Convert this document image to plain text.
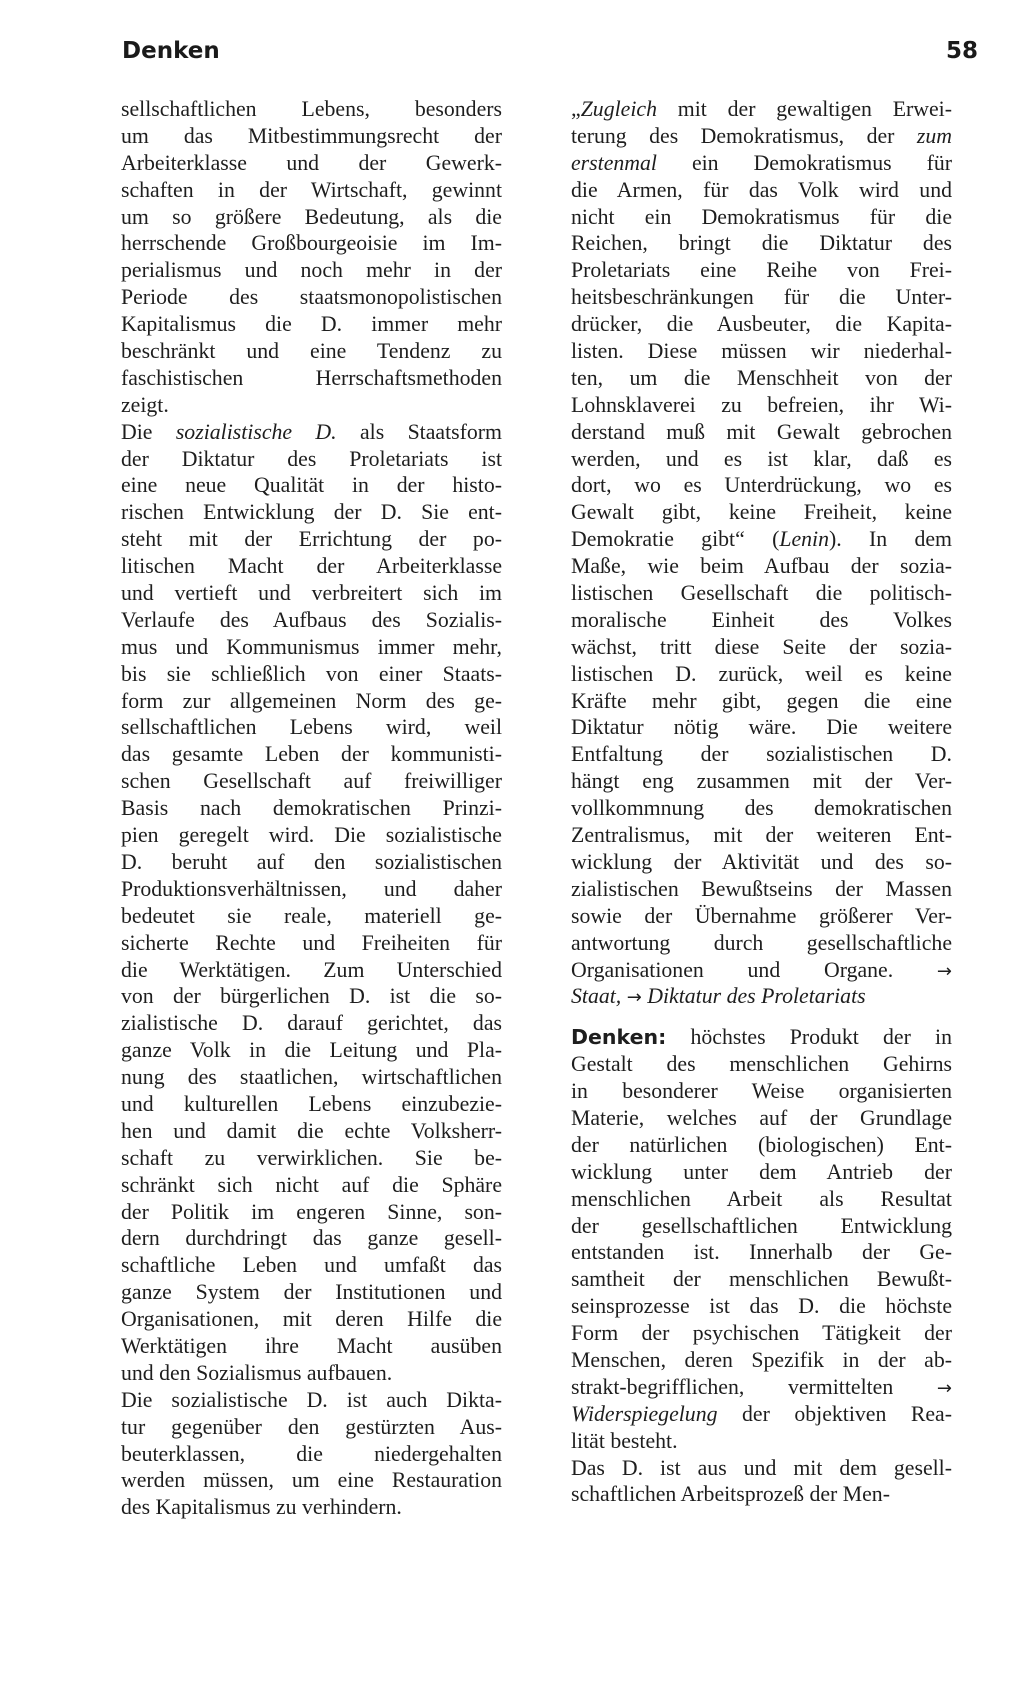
Denken	58
sellschaftlichen Lebens, besonders
um das Mitbestimmungsrecht der
Arbeiterklasse und der Gewerk-
schaften in der Wirtschaft, gewinnt
um so größere Bedeutung, als die
herrschende Großbourgeoisie im Im-
perialismus und noch mehr in der
Periode des staatsmonopolistischen
Kapitalismus die D. immer mehr
beschränkt und eine Tendenz zu
faschistischen Herrschaftsmethoden
zeigt.
Die sozialistische D. als Staatsform
der Diktatur des Proletariats ist
eine neue Qualität in der histo-
rischen Entwicklung der D. Sie ent-
steht mit der Errichtung der po-
litischen Macht der Arbeiterklasse
und vertieft und verbreitert sich im
Verlaufe des Aufbaus des Sozialis-
mus und Kommunismus immer mehr,
bis sie schließlich von einer Staats-
form zur allgemeinen Norm des ge-
sellschaftlichen Lebens wird, weil
das gesamte Leben der kommunisti-
schen Gesellschaft auf freiwilliger
Basis nach demokratischen Prinzi-
pien geregelt wird. Die sozialistische
D. beruht auf den sozialistischen
Produktionsverhältnissen, und daher
bedeutet sie reale, materiell ge-
sicherte Rechte und Freiheiten für
die Werktätigen. Zum Unterschied
von der bürgerlichen D. ist die so-
zialistische D. darauf gerichtet, das
ganze Volk in die Leitung und Pla-
nung des staatlichen, wirtschaftlichen
und kulturellen Lebens einzubezie-
hen und damit die echte Volksherr-
schaft zu verwirklichen. Sie be-
schränkt sich nicht auf die Sphäre
der Politik im engeren Sinne, son-
dern durchdringt das ganze gesell-
schaftliche Leben und umfaßt das
ganze System der Institutionen und
Organisationen, mit deren Hilfe die
Werktätigen ihre Macht ausüben
und den Sozialismus aufbauen.
Die sozialistische D. ist auch Dikta-
tur gegenüber den gestürzten Aus-
beuterklassen, die niedergehalten
werden müssen, um eine Restauration
des Kapitalismus zu verhindern.
„Zugleich mit der gewaltigen Erwei-
terung des Demokratismus, der zum
erstenmal ein Demokratismus für
die Armen, für das Volk wird und
nicht ein Demokratismus für die
Reichen, bringt die Diktatur des
Proletariats eine Reihe von Frei-
heitsbeschränkungen für die Unter-
drücker, die Ausbeuter, die Kapita-
listen. Diese müssen wir niederhal-
ten, um die Menschheit von der
Lohnsklaverei zu befreien, ihr Wi-
derstand muß mit Gewalt gebrochen
werden, und es ist klar, daß es
dort, wo es Unterdrückung, wo es
Gewalt gibt, keine Freiheit, keine
Demokratie gibt“ (Lenin). In dem
Maße, wie beim Aufbau der sozia-
listischen Gesellschaft die politisch-
moralische Einheit des Volkes
wächst, tritt diese Seite der sozia-
listischen D. zurück, weil es keine
Kräfte mehr gibt, gegen die eine
Diktatur nötig wäre. Die weitere
Entfaltung der sozialistischen D.
hängt eng zusammen mit der Ver-
vollkommnung des demokratischen
Zentralismus, mit der weiteren Ent-
wicklung der Aktivität und des so-
zialistischen Bewußtseins der Massen
sowie der Übernahme größerer Ver-
antwortung durch gesellschaftliche
Organisationen und Organe. →
Staat, → Diktatur des Proletariats
Denken: höchstes Produkt der in
Gestalt des menschlichen Gehirns
in besonderer Weise organisierten
Materie, welches auf der Grundlage
der natürlichen (biologischen) Ent-
wicklung unter dem Antrieb der
menschlichen Arbeit als Resultat
der gesellschaftlichen Entwicklung
entstanden ist. Innerhalb der Ge-
samtheit der menschlichen Bewußt-
seinsprozesse ist das D. die höchste
Form der psychischen Tätigkeit der
Menschen, deren Spezifik in der ab-
strakt-begrifflichen, vermittelten →
Widerspiegelung der objektiven Rea-
lität besteht.
Das D. ist aus und mit dem gesell-
schaftlichen Arbeitsprozeß der Men-
